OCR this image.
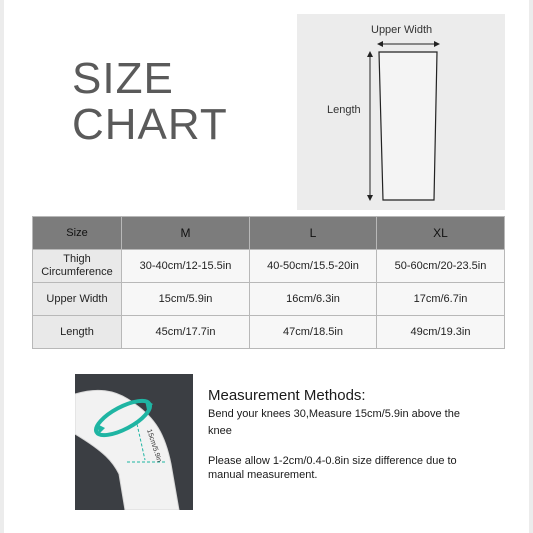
SIZE
CHART
Upper Width
Length
Size	M	L	XL

Thigh
Circumference	30-40cm/12-15.5in	40-50cm/15.5-20in	50-60cm/20-23.5in
Upper Width	15cm/5.9in	16cm/6.3in	17cm/6.7in
Length	45cm/17.7in	47cm/18.5in	49cm/19.3in
15cm/5.9in
Measurement Methods:
Bend your knees 30,Measure 15cm/5.9in above the
knee
Please allow 1-2cm/0.4-0.8in size difference due to
manual measurement.
